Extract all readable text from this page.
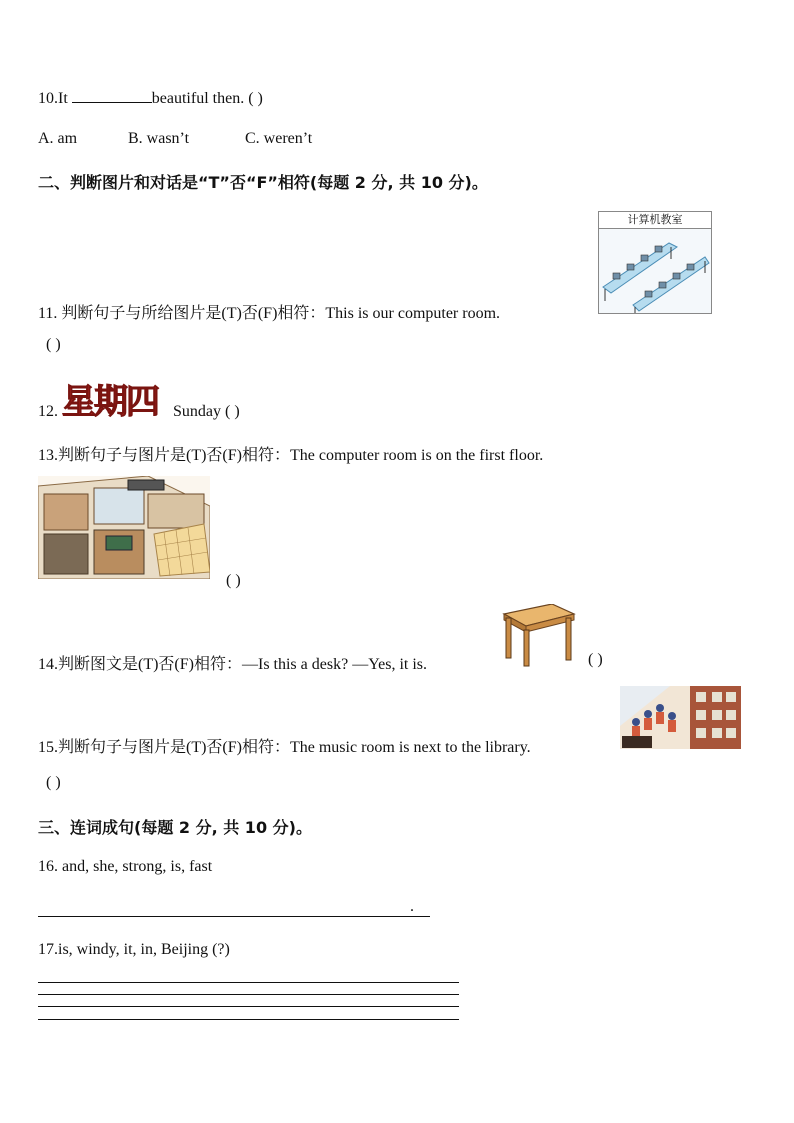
10.It	beautiful then. ( )
A. am	B. wasn’t	C. weren’t
二、判断图片和对话是“T”否“F”相符(每题 2 分, 共 10 分)。
计算机教室
11. 判断句子与所给图片是(T)否(F)相符：This is our computer room.
( )
12. 星期四 Sunday ( )
13.判断句子与图片是(T)否(F)相符：The computer room is on the first floor.
( )
14.判断图文是(T)否(F)相符：—Is this a desk? —Yes, it is.	( )
15.判断句子与图片是(T)否(F)相符：The music room is next to the library.
( )
三、连词成句(每题 2 分, 共 10 分)。
16. and, she, strong, is, fast
.
17.is, windy, it, in, Beijing (?)
